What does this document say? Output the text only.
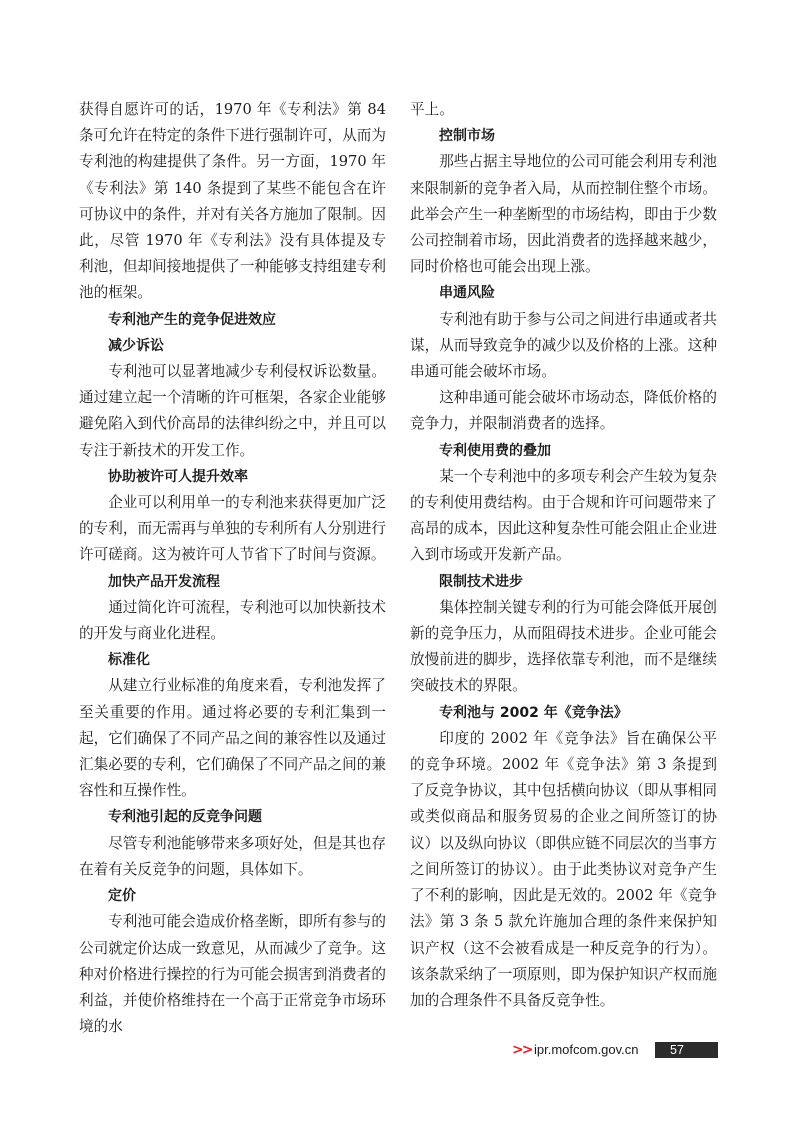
获得自愿许可的话，1970 年《专利法》第 84 条可允许在特定的条件下进行强制许可，从而为专利池的构建提供了条件。另一方面，1970 年《专利法》第 140 条提到了某些不能包含在许可协议中的条件，并对有关各方施加了限制。因此，尽管 1970 年《专利法》没有具体提及专利池，但却间接地提供了一种能够支持组建专利池的框架。

专利池产生的竞争促进效应
减少诉讼

专利池可以显著地减少专利侵权诉讼数量。通过建立起一个清晰的许可框架，各家企业能够避免陷入到代价高昂的法律纠纷之中，并且可以专注于新技术的开发工作。

协助被许可人提升效率

企业可以利用单一的专利池来获得更加广泛的专利，而无需再与单独的专利所有人分别进行许可磋商。这为被许可人节省下了时间与资源。

加快产品开发流程

通过简化许可流程，专利池可以加快新技术的开发与商业化进程。

标准化

从建立行业标准的角度来看，专利池发挥了至关重要的作用。通过将必要的专利汇集到一起，它们确保了不同产品之间的兼容性以及通过汇集必要的专利，它们确保了不同产品之间的兼容性和互操作性。

专利池引起的反竞争问题

尽管专利池能够带来多项好处，但是其也存在着有关反竞争的问题，具体如下。

定价

专利池可能会造成价格垄断，即所有参与的公司就定价达成一致意见，从而减少了竞争。这种对价格进行操控的行为可能会损害到消费者的利益，并使价格维持在一个高于正常竞争市场环境的水

平上。

控制市场

那些占据主导地位的公司可能会利用专利池来限制新的竞争者入局，从而控制住整个市场。此举会产生一种垄断型的市场结构，即由于少数公司控制着市场，因此消费者的选择越来越少，同时价格也可能会出现上涨。

串通风险

专利池有助于参与公司之间进行串通或者共谋，从而导致竞争的减少以及价格的上涨。这种串通可能会破坏市场。

这种串通可能会破坏市场动态，降低价格的竞争力，并限制消费者的选择。

专利使用费的叠加

某一个专利池中的多项专利会产生较为复杂的专利使用费结构。由于合规和许可问题带来了高昂的成本，因此这种复杂性可能会阻止企业进入到市场或开发新产品。

限制技术进步

集体控制关键专利的行为可能会降低开展创新的竞争压力，从而阻碍技术进步。企业可能会放慢前进的脚步，选择依靠专利池，而不是继续突破技术的界限。

专利池与 2002 年《竞争法》

印度的 2002 年《竞争法》旨在确保公平的竞争环境。2002 年《竞争法》第 3 条提到了反竞争协议，其中包括横向协议（即从事相同或类似商品和服务贸易的企业之间所签订的协议）以及纵向协议（即供应链不同层次的当事方之间所签订的协议）。由于此类协议对竞争产生了不利的影响，因此是无效的。2002 年《竞争法》第 3 条 5 款允许施加合理的条件来保护知识产权（这不会被看成是一种反竞争的行为）。该条款采纳了一项原则，即为保护知识产权而施加的合理条件不具备反竞争性。

>> ipr.mofcom.gov.cn	57
